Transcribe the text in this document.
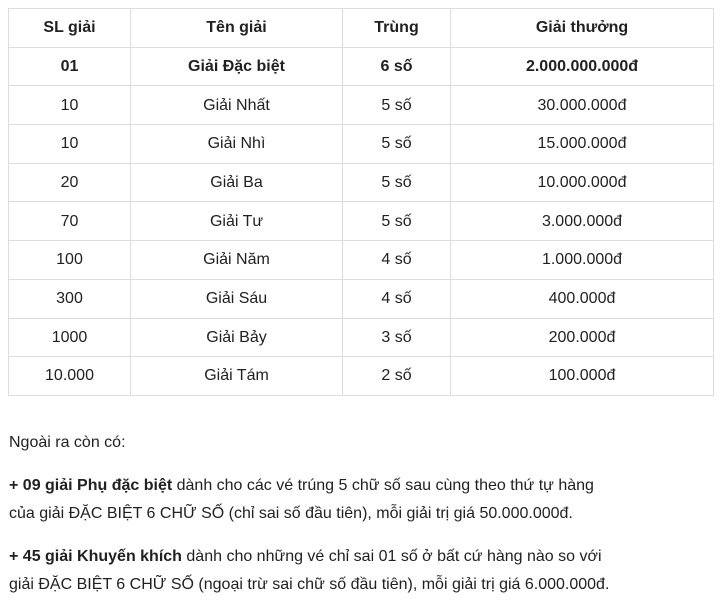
SL giải	Tên giải	Trùng	Giải thưởng
01	Giải Đặc biệt	6 số	2.000.000.000đ
10	Giải Nhất	5 số	30.000.000đ
10	Giải Nhì	5 số	15.000.000đ
20	Giải Ba	5 số	10.000.000đ
70	Giải Tư	5 số	3.000.000đ
100	Giải Năm	4 số	1.000.000đ
300	Giải Sáu	4 số	400.000đ
1000	Giải Bảy	3 số	200.000đ
10.000	Giải Tám	2 số	100.000đ

Ngoài ra còn có:

+ 09 giải Phụ đặc biệt dành cho các vé trúng 5 chữ số sau cùng theo thứ tự hàng
của giải ĐẶC BIỆT 6 CHỮ SỐ (chỉ sai số đầu tiên), mỗi giải trị giá 50.000.000đ.

+ 45 giải Khuyến khích dành cho những vé chỉ sai 01 số ở bất cứ hàng nào so với
giải ĐẶC BIỆT 6 CHỮ SỐ (ngoại trừ sai chữ số đầu tiên), mỗi giải trị giá 6.000.000đ.
